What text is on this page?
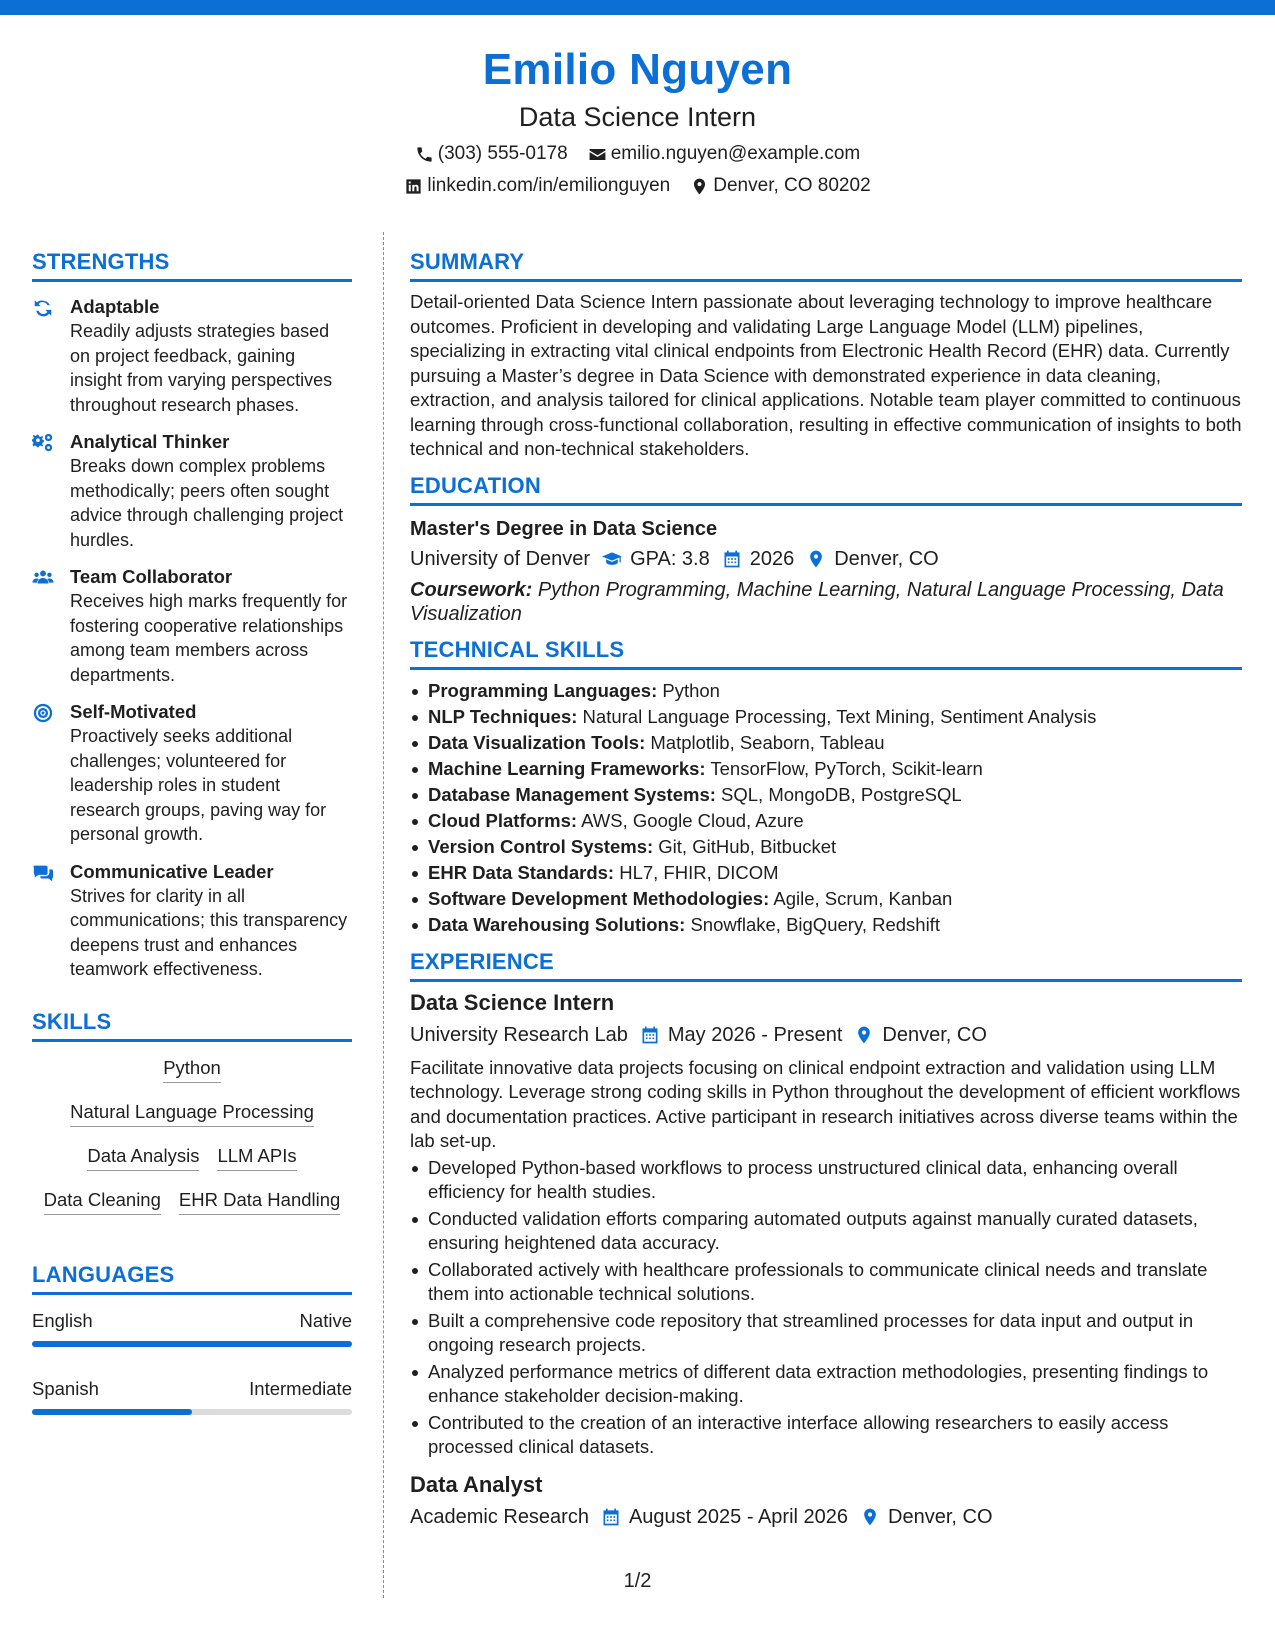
Emilio Nguyen
Data Science Intern
(303) 555-0178 emilio.nguyen@example.com
linkedin.com/in/emilionguyen Denver, CO 80202
STRENGTHS
Adaptable
Readily adjusts strategies based on project feedback, gaining insight from varying perspectives throughout research phases.
Analytical Thinker
Breaks down complex problems methodically; peers often sought advice through challenging project hurdles.
Team Collaborator
Receives high marks frequently for fostering cooperative relationships among team members across departments.
Self-Motivated
Proactively seeks additional challenges; volunteered for leadership roles in student research groups, paving way for personal growth.
Communicative Leader
Strives for clarity in all communications; this transparency deepens trust and enhances teamwork effectiveness.
SKILLS
Python
Natural Language Processing
Data Analysis LLM APIs
Data Cleaning EHR Data Handling
LANGUAGES
English	Native
Spanish	Intermediate
SUMMARY

Detail-oriented Data Science Intern passionate about leveraging technology to improve healthcare outcomes. Proficient in developing and validating Large Language Model (LLM) pipelines, specializing in extracting vital clinical endpoints from Electronic Health Record (EHR) data. Currently pursuing a Master’s degree in Data Science with demonstrated experience in data cleaning, extraction, and analysis tailored for clinical applications. Notable team player committed to continuous learning through cross-functional collaboration, resulting in effective communication of insights to both technical and non-technical stakeholders.

EDUCATION
Master's Degree in Data Science
University of Denver GPA: 3.8 2026 Denver, CO
Coursework: Python Programming, Machine Learning, Natural Language Processing, Data Visualization
TECHNICAL SKILLS
Programming Languages: Python
NLP Techniques: Natural Language Processing, Text Mining, Sentiment Analysis
Data Visualization Tools: Matplotlib, Seaborn, Tableau
Machine Learning Frameworks: TensorFlow, PyTorch, Scikit-learn
Database Management Systems: SQL, MongoDB, PostgreSQL
Cloud Platforms: AWS, Google Cloud, Azure
Version Control Systems: Git, GitHub, Bitbucket
EHR Data Standards: HL7, FHIR, DICOM
Software Development Methodologies: Agile, Scrum, Kanban
Data Warehousing Solutions: Snowflake, BigQuery, Redshift
EXPERIENCE
Data Science Intern
University Research Lab May 2026 - Present Denver, CO

Facilitate innovative data projects focusing on clinical endpoint extraction and validation using LLM technology. Leverage strong coding skills in Python throughout the development of efficient workflows and documentation practices. Active participant in research initiatives across diverse teams within the lab set-up.

Developed Python-based workflows to process unstructured clinical data, enhancing overall efficiency for health studies.
Conducted validation efforts comparing automated outputs against manually curated datasets, ensuring heightened data accuracy.
Collaborated actively with healthcare professionals to communicate clinical needs and translate them into actionable technical solutions.
Built a comprehensive code repository that streamlined processes for data input and output in ongoing research projects.
Analyzed performance metrics of different data extraction methodologies, presenting findings to enhance stakeholder decision-making.
Contributed to the creation of an interactive interface allowing researchers to easily access processed clinical datasets.
Data Analyst
Academic Research August 2025 - April 2026 Denver, CO
1/2
